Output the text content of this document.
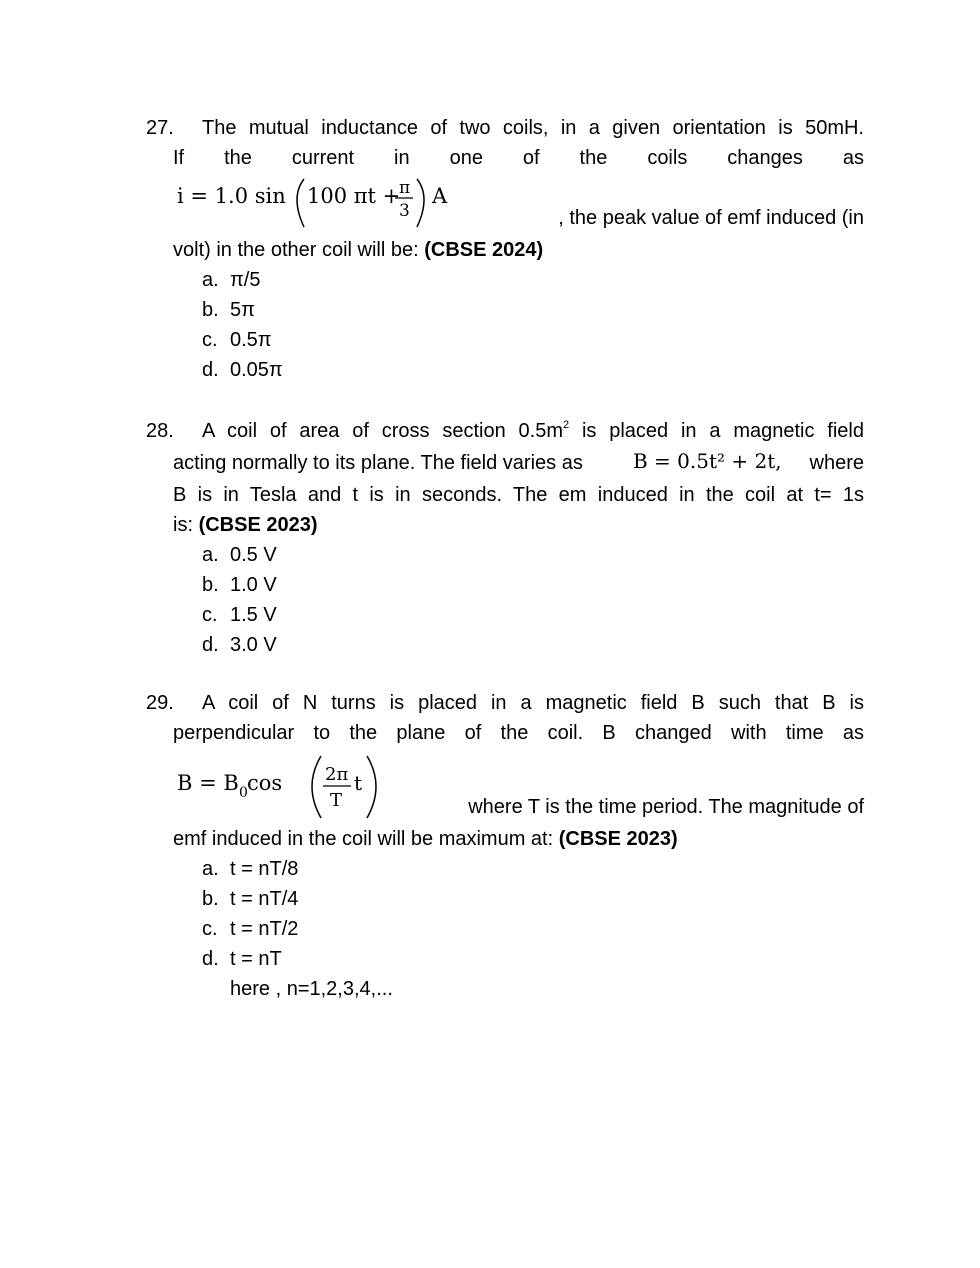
27.	The mutual inductance of two coils, in a given orientation is 50mH.
If the current in one of the coils changes as
i = 1.0 sin 100 πt +
π
3
A
, the peak value of emf induced (in
volt) in the other coil will be: (CBSE 2024)
a. π/5
b. 5π
c. 0.5π
d. 0.05π
28.	A coil of area of cross section $0.5m^2$ is placed in a magnetic field
acting normally to its plane. The field varies as	B = 0.5t² + 2t, where
B is in Tesla and t is in seconds. The em induced in the coil at t= 1s
is: (CBSE 2023)
a. 0.5 V
b. 1.0 V
c. 1.5 V
d. 3.0 V
29.	A coil of N turns is placed in a magnetic field B such that B is
perpendicular to the plane of the coil. B changed with time as
B = B 0 cos 2π
T
t
where T is the time period. The magnitude of
emf induced in the coil will be maximum at: (CBSE 2023)
a. t = nT/8
b. t = nT/4
c. t = nT/2
d. t = nT
here , n=1,2,3,4,...
